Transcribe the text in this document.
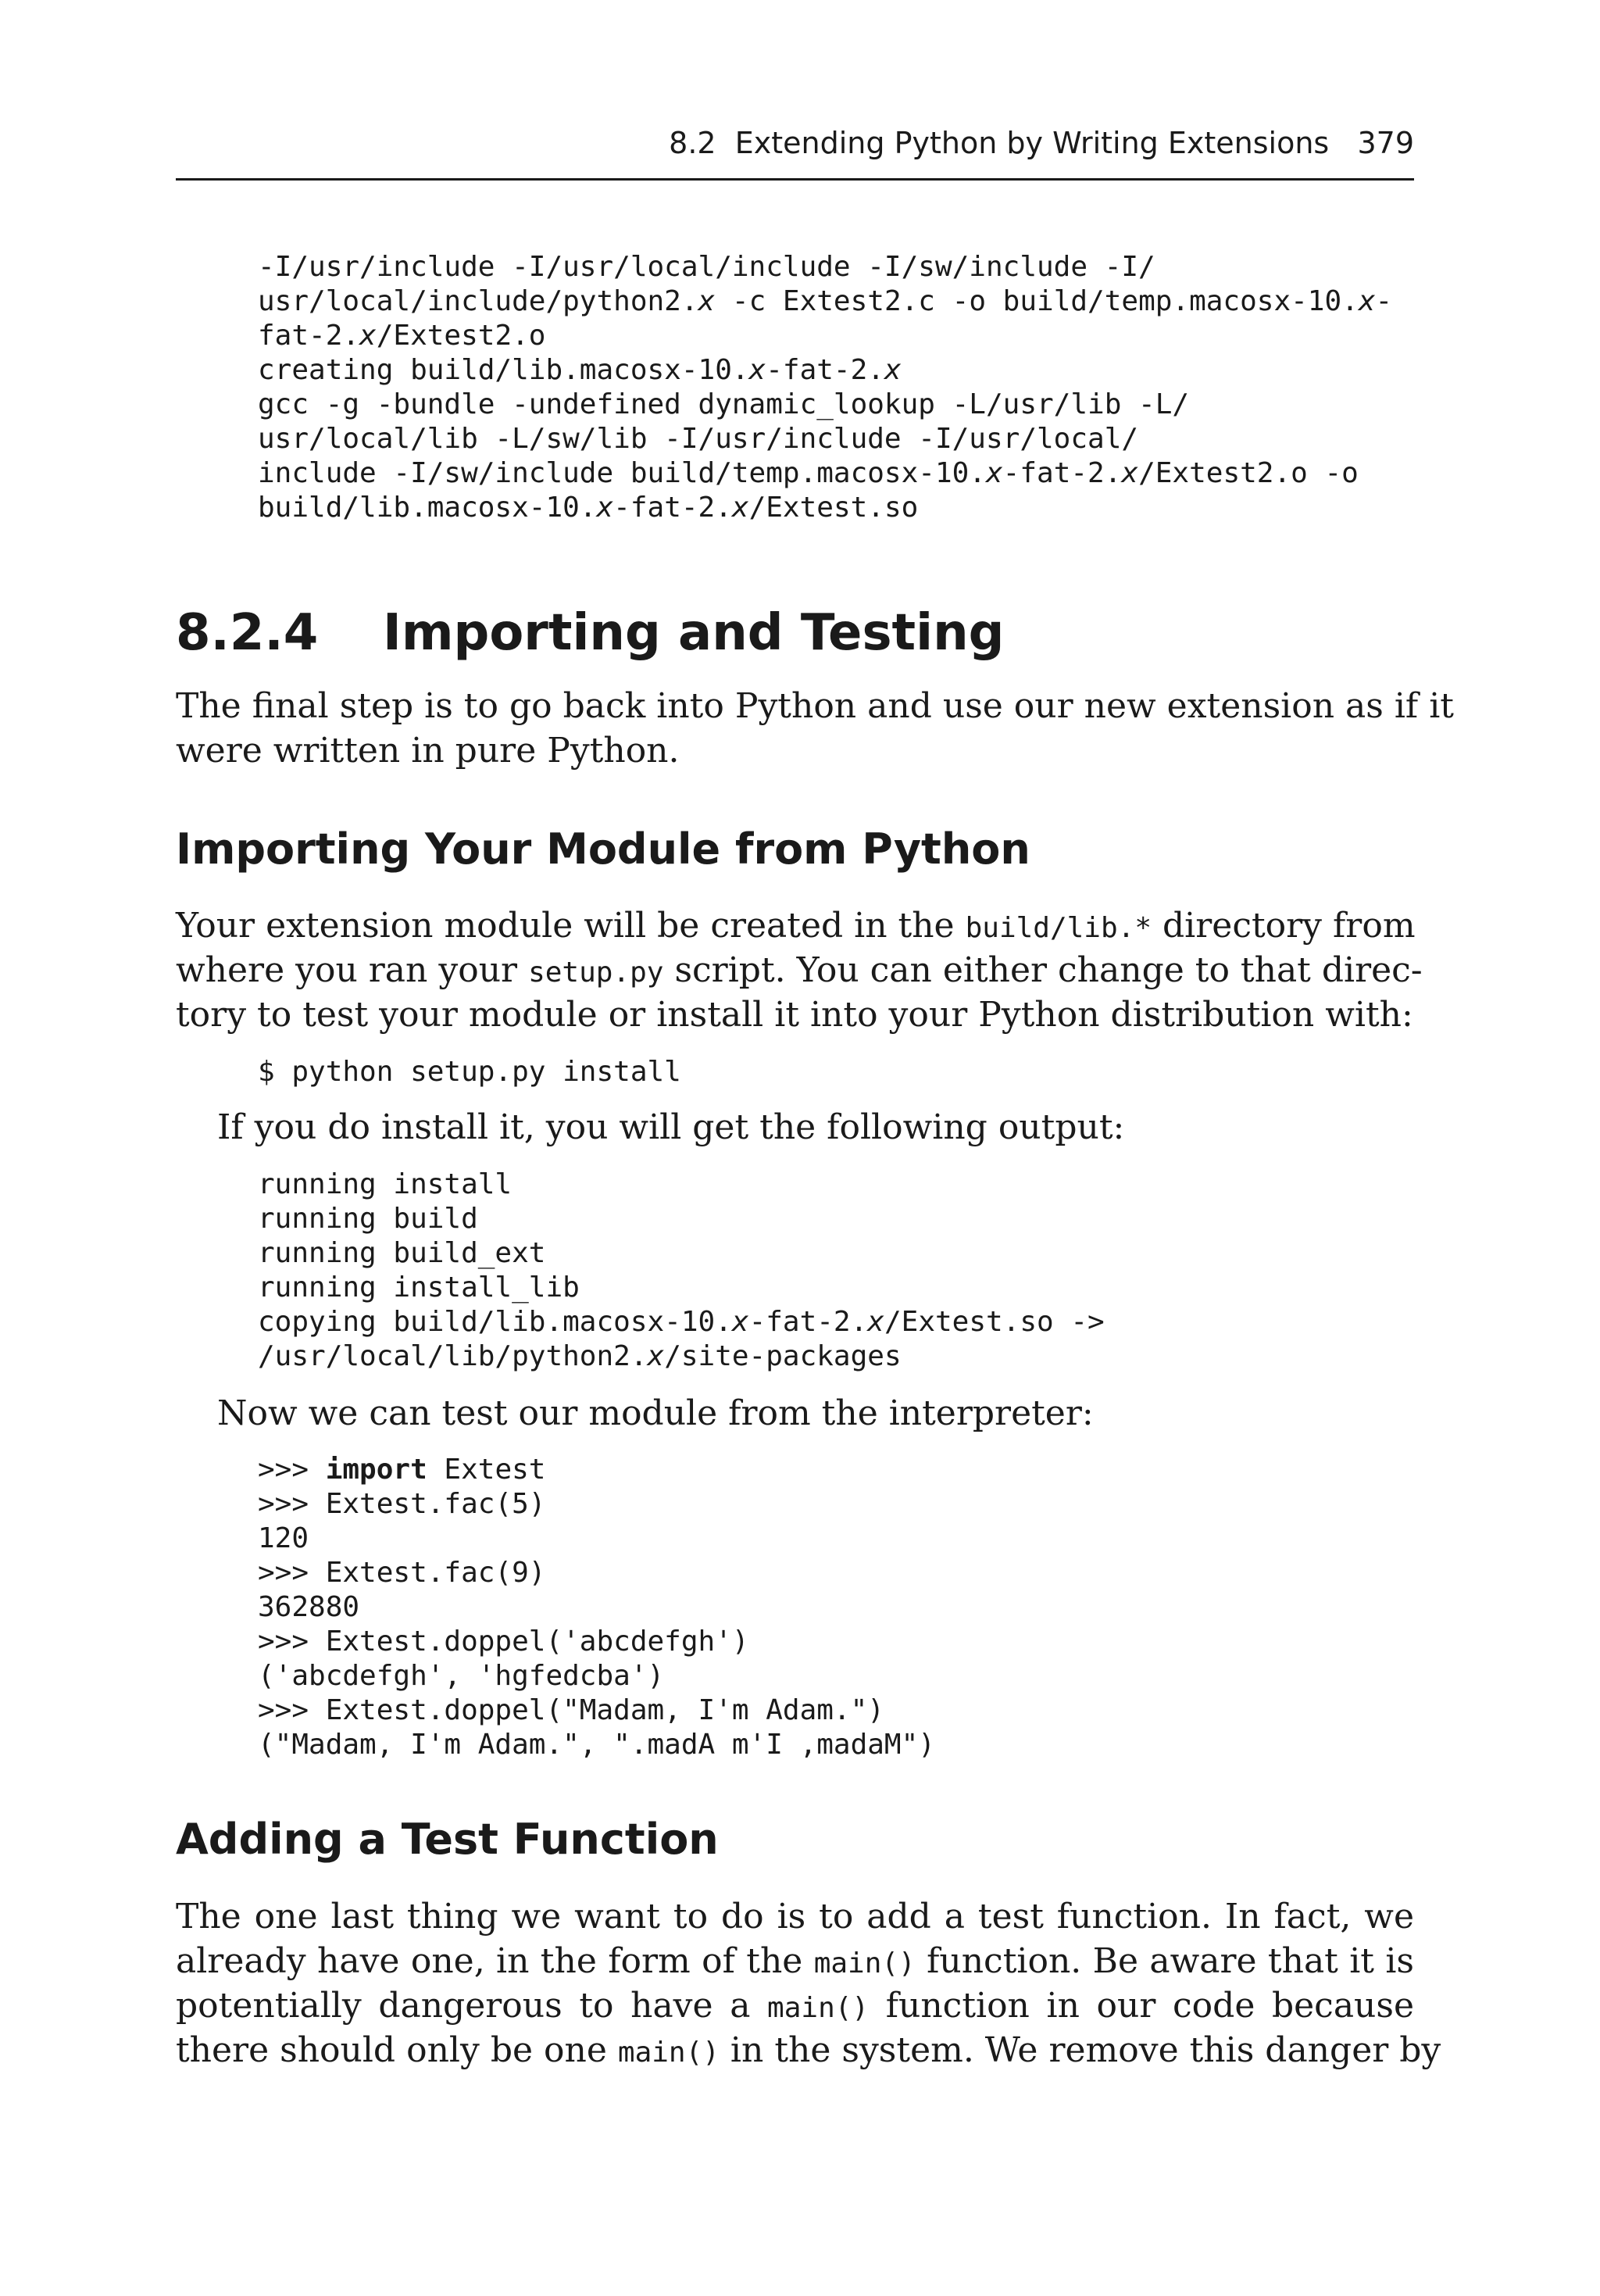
8.2  Extending Python by Writing Extensions 379
-I/usr/include -I/usr/local/include -I/sw/include -I/
usr/local/include/python2.x -c Extest2.c -o build/temp.macosx-10.x-
fat-2.x/Extest2.o
creating build/lib.macosx-10.x-fat-2.x
gcc -g -bundle -undefined dynamic_lookup -L/usr/lib -L/
usr/local/lib -L/sw/lib -I/usr/include -I/usr/local/
include -I/sw/include build/temp.macosx-10.x-fat-2.x/Extest2.o -o
build/lib.macosx-10.x-fat-2.x/Extest.so
8.2.4 Importing and Testing
The final step is to go back into Python and use our new extension as if it
were written in pure Python.
Importing Your Module from Python
Your extension module will be created in the build/lib.* directory from
where you ran your setup.py script. You can either change to that direc-
tory to test your module or install it into your Python distribution with:
$ python setup.py install
If you do install it, you will get the following output:
running install
running build
running build_ext
running install_lib
copying build/lib.macosx-10.x-fat-2.x/Extest.so ->
/usr/local/lib/python2.x/site-packages
Now we can test our module from the interpreter:
>>> import Extest
>>> Extest.fac(5)
120
>>> Extest.fac(9)
362880
>>> Extest.doppel('abcdefgh')
('abcdefgh', 'hgfedcba')
>>> Extest.doppel("Madam, I'm Adam.")
("Madam, I'm Adam.", ".madA m'I ,madaM")
Adding a Test Function
The one last thing we want to do is to add a test function. In fact, we
already have one, in the form of the main() function. Be aware that it is
potentially dangerous to have a main() function in our code because
there should only be one main() in the system. We remove this danger by
